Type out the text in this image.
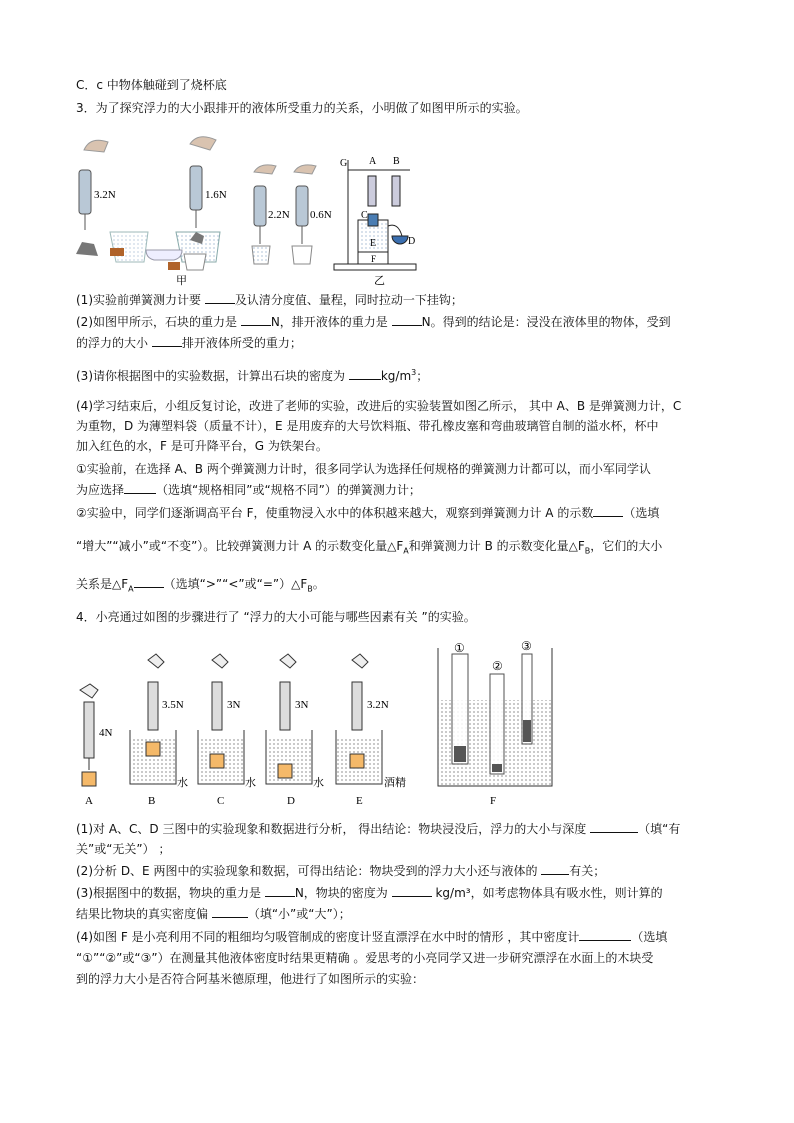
C．c 中物体触碰到了烧杯底
3．为了探究浮力的大小跟排开的液体所受重力的关系，小明做了如图甲所示的实验。
3.2N	1.6N
2.2N 0.6N
甲
G A B
C
D
E
F
乙
(1)实验前弹簧测力计要	及认清分度值、量程，同时拉动一下挂钩；
(2)如图甲所示，石块的重力是	N，排开液体的重力是	N。得到的结论是：浸没在液体里的物体，受到
的浮力的大小	排开液体所受的重力；
(3)请你根据图中的实验数据，计算出石块的密度为	$kg/m^3$；
(4)学习结束后，小组反复讨论，改进了老师的实验，改进后的实验装置如图乙所示， 其中 A、B 是弹簧测力计，C
为重物，D 为薄塑料袋（质量不计），E 是用废弃的大号饮料瓶、带孔橡皮塞和弯曲玻璃管自制的溢水杯，杯中
加入红色的水，F 是可升降平台，G 为铁架台。
①实验前，在选择 A、B 两个弹簧测力计时，很多同学认为选择任何规格的弹簧测力计都可以，而小军同学认
为应选择	（选填“规格相同”或“规格不同”）的弹簧测力计；
②实验中，同学们逐渐调高平台 F，使重物浸入水中的体积越来越大，观察到弹簧测力计 A 的示数	（选填
“增大”“减小”或“不变”）。比较弹簧测力计 A 的示数变化量$\triangle F_A$和弹簧测力计 B 的示数变化量$\triangle F_B$，它们的大小
关系是$\triangle F_A$	（选填“>”“<”或“$=”)\triangle F_B$。
4．小亮通过如图的步骤进行了 “浮力的大小可能与哪些因素有关 ”的实验。
4N
A
3.5N
水
B
3N
水
C
3N
水
D
3.2N
酒精
E
①
②
③
F
(1)对 A、C、D 三图中的实验现象和数据进行分析， 得出结论：物块浸没后，浮力的大小与深度	（填“有
关”或“无关”） ；
(2)分析 D、E 两图中的实验现象和数据，可得出结论：物块受到的浮力大小还与液体的	有关；
(3)根据图中的数据，物块的重力是	N，物块的密度为	kg/m³，如考虑物体具有吸水性，则计算的
结果比物块的真实密度偏	（填“小”或“大”）；
(4)如图 F 是小亮利用不同的粗细均匀吸管制成的密度计竖直漂浮在水中时的情形 ，其中密度计	（选填
“①”“②”或“③”）在测量其他液体密度时结果更精确 。爱思考的小亮同学又进一步研究漂浮在水面上的木块受
到的浮力大小是否符合阿基米德原理，他进行了如图所示的实验：
